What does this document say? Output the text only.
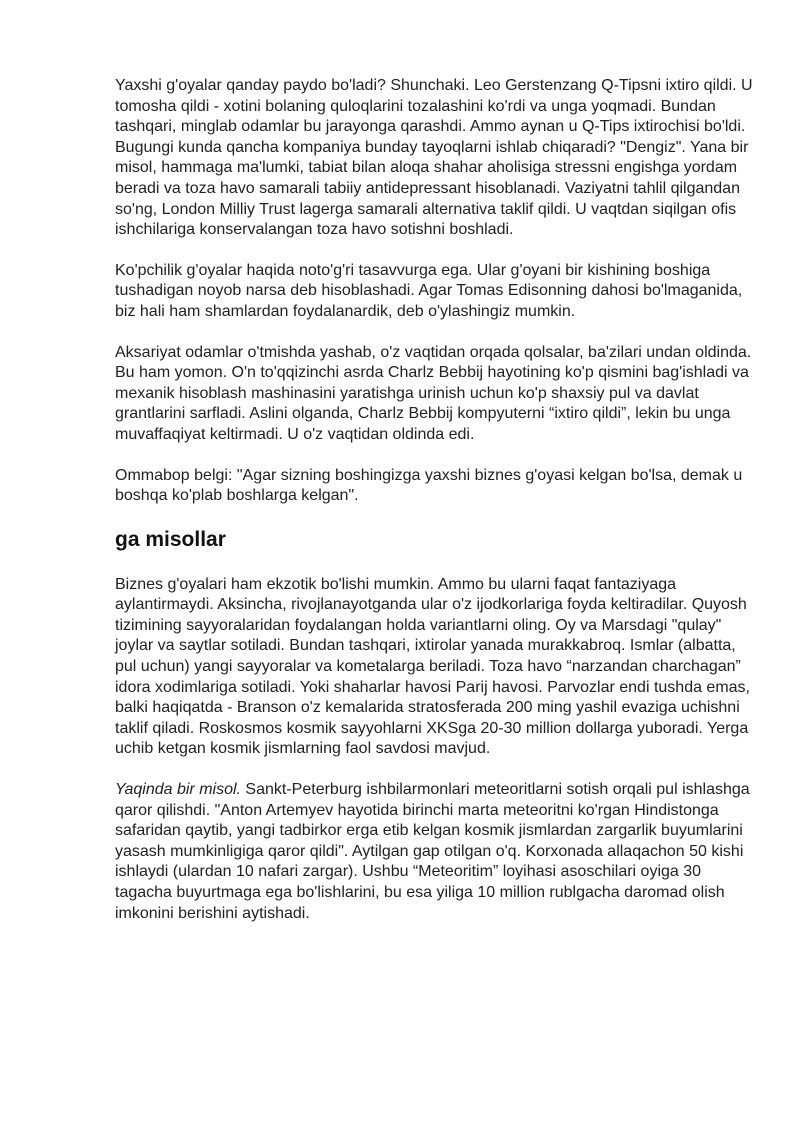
Yaxshi g'oyalar qanday paydo bo'ladi? Shunchaki. Leo Gerstenzang Q-Tipsni ixtiro qildi. U tomosha qildi - xotini bolaning quloqlarini tozalashini ko'rdi va unga yoqmadi. Bundan tashqari, minglab odamlar bu jarayonga qarashdi. Ammo aynan u Q-Tips ixtirochisi bo'ldi. Bugungi kunda qancha kompaniya bunday tayoqlarni ishlab chiqaradi? "Dengiz". Yana bir misol, hammaga ma'lumki, tabiat bilan aloqa shahar aholisiga stressni engishga yordam beradi va toza havo samarali tabiiy antidepressant hisoblanadi. Vaziyatni tahlil qilgandan so'ng, London Milliy Trust lagerga samarali alternativa taklif qildi. U vaqtdan siqilgan ofis ishchilariga konservalangan toza havo sotishni boshladi.

Ko'pchilik g'oyalar haqida noto'g'ri tasavvurga ega. Ular g'oyani bir kishining boshiga tushadigan noyob narsa deb hisoblashadi. Agar Tomas Edisonning dahosi bo'lmaganida, biz hali ham shamlardan foydalanardik, deb o'ylashingiz mumkin.

Aksariyat odamlar o'tmishda yashab, o'z vaqtidan orqada qolsalar, ba'zilari undan oldinda. Bu ham yomon. O'n to'qqizinchi asrda Charlz Bebbij hayotining ko'p qismini bag'ishladi va mexanik hisoblash mashinasini yaratishga urinish uchun ko'p shaxsiy pul va davlat grantlarini sarfladi. Aslini olganda, Charlz Bebbij kompyuterni “ixtiro qildi”, lekin bu unga muvaffaqiyat keltirmadi. U o'z vaqtidan oldinda edi.

Ommabop belgi: "Agar sizning boshingizga yaxshi biznes g'oyasi kelgan bo'lsa, demak u boshqa ko'plab boshlarga kelgan".

ga misollar

Biznes g'oyalari ham ekzotik bo'lishi mumkin. Ammo bu ularni faqat fantaziyaga aylantirmaydi. Aksincha, rivojlanayotganda ular o'z ijodkorlariga foyda keltiradilar. Quyosh tizimining sayyoralaridan foydalangan holda variantlarni oling. Oy va Marsdagi "qulay" joylar va saytlar sotiladi. Bundan tashqari, ixtirolar yanada murakkabroq. Ismlar (albatta, pul uchun) yangi sayyoralar va kometalarga beriladi. Toza havo “narzandan charchagan” idora xodimlariga sotiladi. Yoki shaharlar havosi Parij havosi. Parvozlar endi tushda emas, balki haqiqatda - Branson o'z kemalarida stratosferada 200 ming yashil evaziga uchishni taklif qiladi. Roskosmos kosmik sayyohlarni XKSga 20-30 million dollarga yuboradi. Yerga uchib ketgan kosmik jismlarning faol savdosi mavjud.

Yaqinda bir misol. Sankt-Peterburg ishbilarmonlari meteoritlarni sotish orqali pul ishlashga qaror qilishdi. "Anton Artemyev hayotida birinchi marta meteoritni ko'rgan Hindistonga safaridan qaytib, yangi tadbirkor erga etib kelgan kosmik jismlardan zargarlik buyumlarini yasash mumkinligiga qaror qildi". Aytilgan gap otilgan o'q. Korxonada allaqachon 50 kishi ishlaydi (ulardan 10 nafari zargar). Ushbu “Meteoritim” loyihasi asoschilari oyiga 30 tagacha buyurtmaga ega bo'lishlarini, bu esa yiliga 10 million rublgacha daromad olish imkonini berishini aytishadi.
